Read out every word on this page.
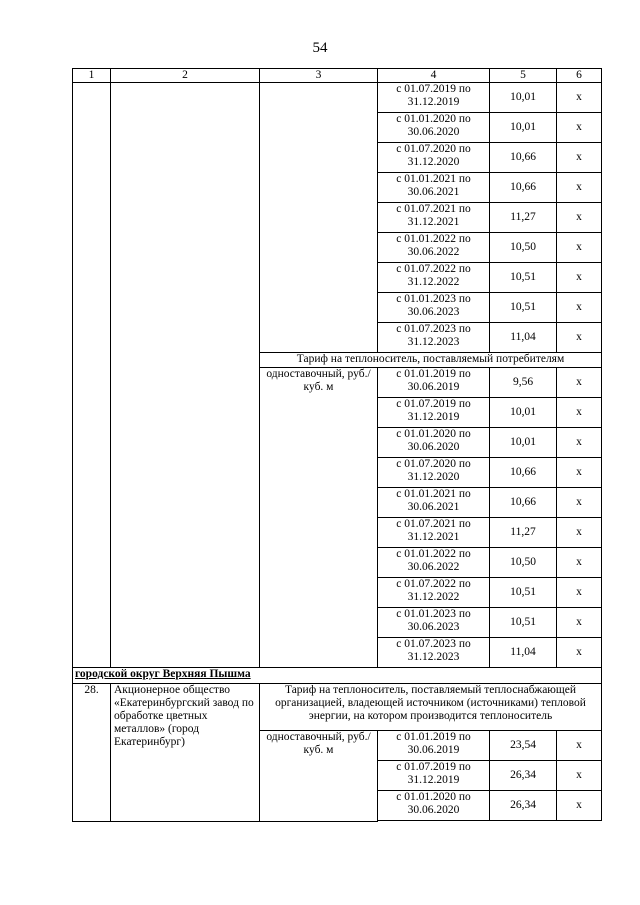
54
1	2	3	4	5	6
			с 01.07.2019 по 31.12.2019	10,01	х
			с 01.01.2020 по 30.06.2020	10,01	х
			с 01.07.2020 по 31.12.2020	10,66	х
			с 01.01.2021 по 30.06.2021	10,66	х
			с 01.07.2021 по 31.12.2021	11,27	х
			с 01.01.2022 по 30.06.2022	10,50	х
			с 01.07.2022 по 31.12.2022	10,51	х
			с 01.01.2023 по 30.06.2023	10,51	х
			с 01.07.2023 по 31.12.2023	11,04	х
		Тариф на теплоноситель, поставляемый потребителям			
		одноставочный, руб./куб. м	с 01.01.2019 по 30.06.2019	9,56	х
			с 01.07.2019 по 31.12.2019	10,01	х
			с 01.01.2020 по 30.06.2020	10,01	х
			с 01.07.2020 по 31.12.2020	10,66	х
			с 01.01.2021 по 30.06.2021	10,66	х
			с 01.07.2021 по 31.12.2021	11,27	х
			с 01.01.2022 по 30.06.2022	10,50	х
			с 01.07.2022 по 31.12.2022	10,51	х
			с 01.01.2023 по 30.06.2023	10,51	х
			с 01.07.2023 по 31.12.2023	11,04	х
городской округ Верхняя Пышма					
28.	Акционерное общество «Екатеринбургский завод по обработке цветных металлов» (город Екатеринбург)	Тариф на теплоноситель, поставляемый теплоснабжающей организацией, владеющей источником (источниками) тепловой энергии, на котором производится теплоноситель			
		одноставочный, руб./куб. м	с 01.01.2019 по 30.06.2019	23,54	х
			с 01.07.2019 по 31.12.2019	26,34	х
			с 01.01.2020 по 30.06.2020	26,34	х
